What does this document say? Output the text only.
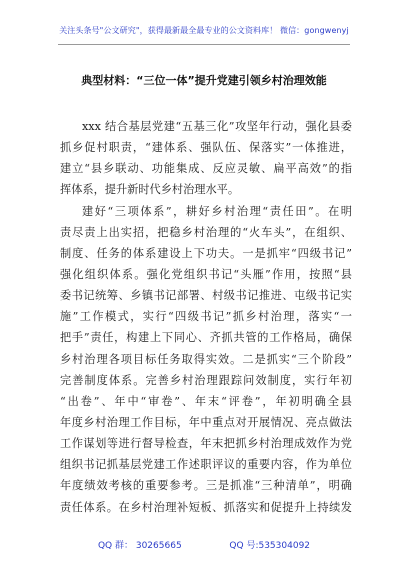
关注头条号"公文研究"，获得最新最全最专业的公文资料库！ 微信：gongwenyj
典型材料：“三位一体”提升党建引领乡村治理效能
xxx 结合基层党建“五基三化”攻坚年行动，强化县委
抓乡促村职责，“建体系、强队伍、保落实”一体推进，
建立“县乡联动、功能集成、反应灵敏、扁平高效”的指
挥体系，提升新时代乡村治理水平。
建好“三项体系”，耕好乡村治理“责任田”。在明
责尽责上出实招，把稳乡村治理的“火车头”，在组织、
制度、任务的体系建设上下功夫。一是抓牢“四级书记”
强化组织体系。强化党组织书记“头雁”作用，按照“县
委书记统筹、乡镇书记部署、村级书记推进、屯级书记实
施”工作模式，实行“四级书记”抓乡村治理，落实“一
把手”责任，构建上下同心、齐抓共管的工作格局，确保
乡村治理各项目标任务取得实效。二是抓实“三个阶段”
完善制度体系。完善乡村治理跟踪问效制度，实行年初
“出卷”、年中“审卷”、年末“评卷”，年初明确全县
年度乡村治理工作目标，年中重点对开展情况、亮点做法
工作谋划等进行督导检查，年末把抓乡村治理成效作为党
组织书记抓基层党建工作述职评议的重要内容，作为单位
年度绩效考核的重要参考。三是抓准“三种清单”，明确
责任体系。在乡村治理补短板、抓落实和促提升上持续发
QQ 群： 30265665	QQ 号:535304092
